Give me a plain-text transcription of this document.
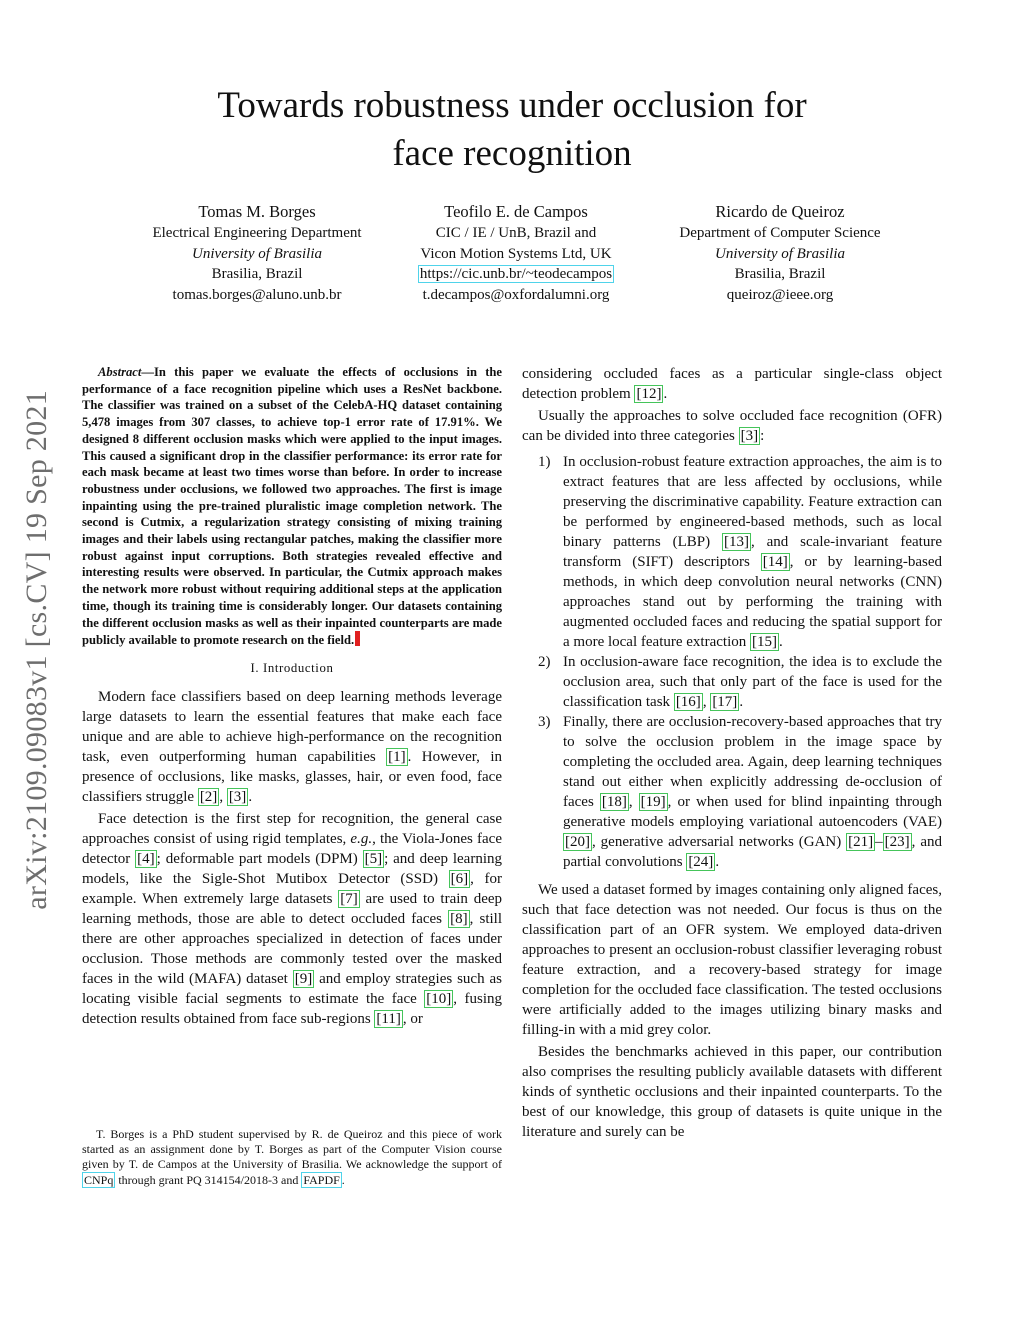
arXiv:2109.09083v1 [cs.CV] 19 Sep 2021
Towards robustness under occlusion for
face recognition
Tomas M. Borges
Electrical Engineering Department
University of Brasilia
Brasilia, Brazil
tomas.borges@aluno.unb.br
Teofilo E. de Campos
CIC / IE / UnB, Brazil and
Vicon Motion Systems Ltd, UK
https://cic.unb.br/~teodecampos
t.decampos@oxfordalumni.org
Ricardo de Queiroz
Department of Computer Science
University of Brasilia
Brasilia, Brazil
queiroz@ieee.org

Abstract—In this paper we evaluate the effects of occlusions in the performance of a face recognition pipeline which uses a ResNet backbone. The classifier was trained on a subset of the CelebA-HQ dataset containing 5,478 images from 307 classes, to achieve top-1 error rate of 17.91%. We designed 8 different occlusion masks which were applied to the input images. This caused a significant drop in the classifier performance: its error rate for each mask became at least two times worse than before. In order to increase robustness under occlusions, we followed two approaches. The first is image inpainting using the pre-trained pluralistic image completion network. The second is Cutmix, a regularization strategy consisting of mixing training images and their labels using rectangular patches, making the classifier more robust against input corruptions. Both strategies revealed effective and interesting results were observed. In particular, the Cutmix approach makes the network more robust without requiring additional steps at the application time, though its training time is considerably longer. Our datasets containing the different occlusion masks as well as their inpainted counterparts are made publicly available to promote research on the field.

I. Introduction

Modern face classifiers based on deep learning methods leverage large datasets to learn the essential features that make each face unique and are able to achieve high-performance on the recognition task, even outperforming human capabilities [1] . However, in presence of occlusions, like masks, glasses, hair, or even food, face classifiers struggle [2] , [3] .

Face detection is the first step for recognition, the general case approaches consist of using rigid templates, e.g., the Viola-Jones face detector [4] ; deformable part models (DPM) [5] ; and deep learning models, like the Sigle-Shot Mutibox Detector (SSD) [6] , for example. When extremely large datasets [7] are used to train deep learning methods, those are able to detect occluded faces [8] , still there are other approaches specialized in detection of faces under occlusion. Those methods are commonly tested over the masked faces in the wild (MAFA) dataset [9] and employ strategies such as locating visible facial segments to estimate the face [10] , fusing detection results obtained from face sub-regions [11] , or

T. Borges is a PhD student supervised by R. de Queiroz and this piece of work started as an assignment done by T. Borges as part of the Computer Vision course given by T. de Campos at the University of Brasilia. We acknowledge the support of CNPq through grant PQ 314154/2018-3 and FAPDF .

considering occluded faces as a particular single-class object detection problem [12] .

Usually the approaches to solve occluded face recognition (OFR) can be divided into three categories [3] :

1) In occlusion-robust feature extraction approaches, the aim is to extract features that are less affected by occlusions, while preserving the discriminative capability. Feature extraction can be performed by engineered-based methods, such as local binary patterns (LBP) [13] , and scale-invariant feature transform (SIFT) descriptors [14] , or by learning-based methods, in which deep convolution neural networks (CNN) approaches stand out by performing the training with augmented occluded faces and reducing the spatial support for a more local feature extraction [15] .
2) In occlusion-aware face recognition, the idea is to exclude the occlusion area, such that only part of the face is used for the classification task [16] , [17] .
3) Finally, there are occlusion-recovery-based approaches that try to solve the occlusion problem in the image space by completing the occluded area. Again, deep learning techniques stand out either when explicitly addressing de-occlusion of faces [18] , [19] , or when used for blind inpainting through generative models employing variational autoencoders (VAE) [20] , generative adversarial networks (GAN) [21] – [23] , and partial convolutions [24] .

We used a dataset formed by images containing only aligned faces, such that face detection was not needed. Our focus is thus on the classification part of an OFR system. We employed data-driven approaches to present an occlusion-robust classifier leveraging robust feature extraction, and a recovery-based strategy for image completion for the occluded face classification. The tested occlusions were artificially added to the images utilizing binary masks and filling-in with a mid grey color.

Besides the benchmarks achieved in this paper, our contribution also comprises the resulting publicly available datasets with different kinds of synthetic occlusions and their inpainted counterparts. To the best of our knowledge, this group of datasets is quite unique in the literature and surely can be
